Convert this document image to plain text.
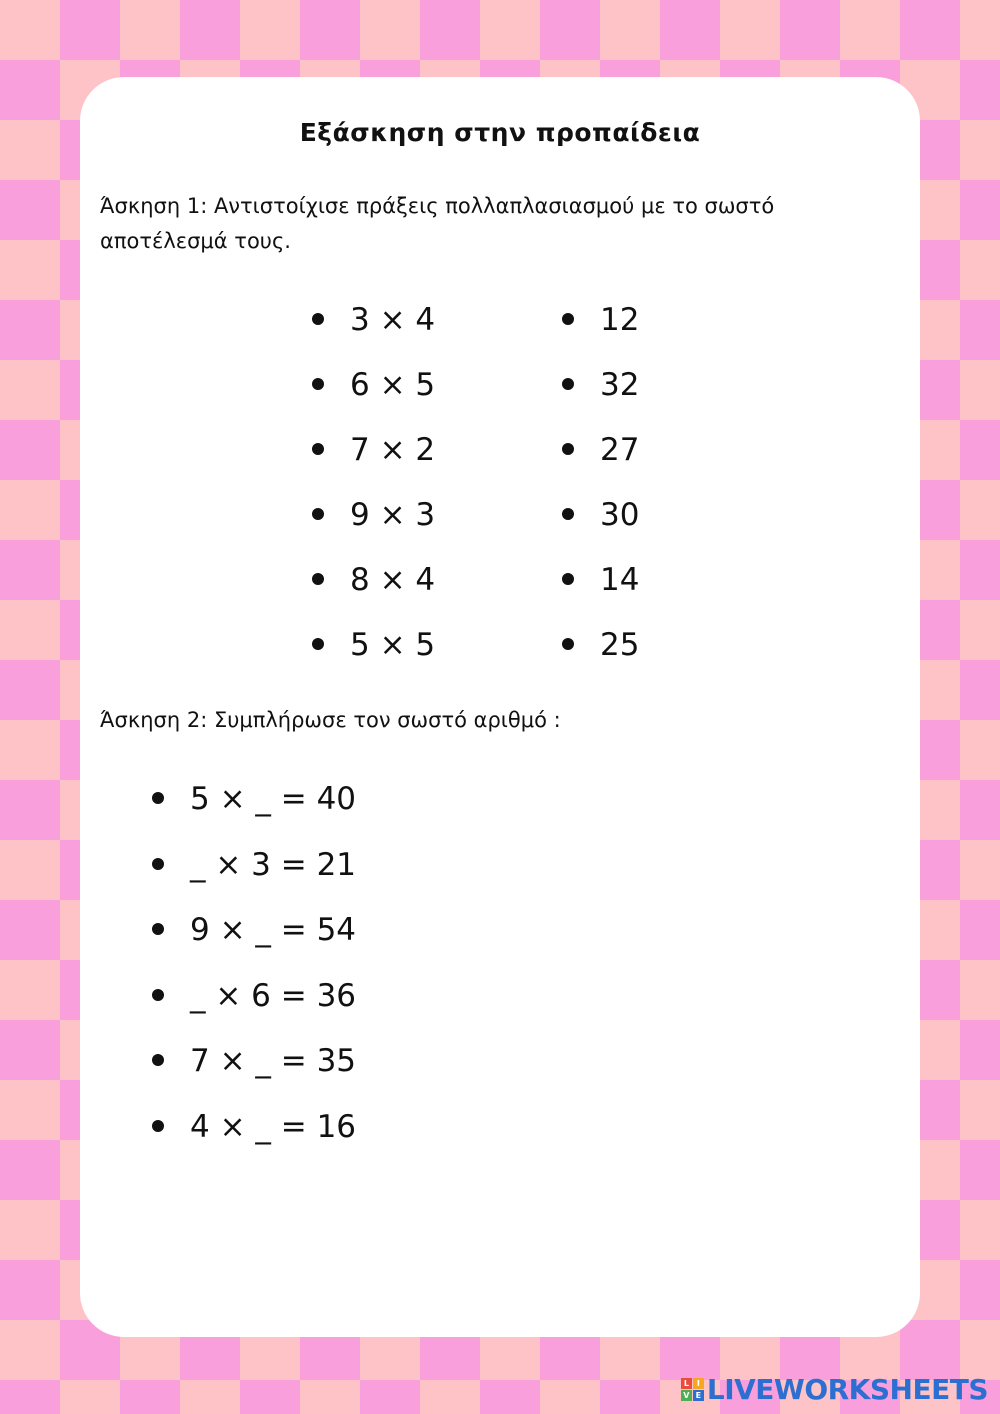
Εξάσκηση στην προπαίδεια
Άσκηση 1: Αντιστοίχισε πράξεις πολλαπλασιασμού με το σωστό αποτέλεσμά τους.
3 × 4
6 × 5
7 × 2
9 × 3
8 × 4
5 × 5
12
32
27
30
14
25
Άσκηση 2: Συμπλήρωσε τον σωστό αριθμό :
5 × _ = 40
_ × 3 = 21
9 × _ = 54
_ × 6 = 36
7 × _ = 35
4 × _ = 16
L I
V E LIVEWORKSHEETS
